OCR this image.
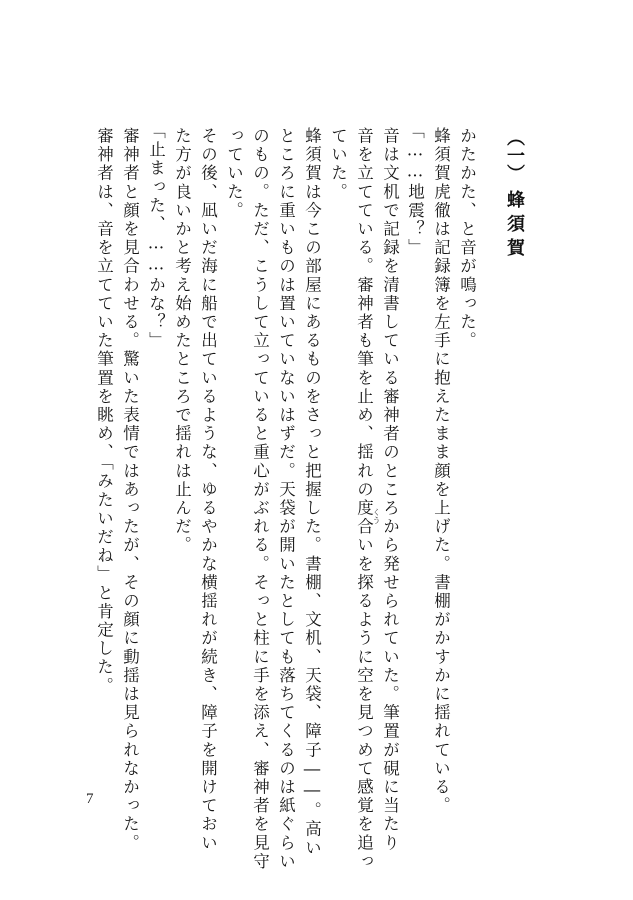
（一）
蜂須賀
かたかた、と音が鳴った。
蜂須賀虎徹は記録簿を左手に抱えたまま顔を上げた。書棚がかすかに揺れている。
「……地震？」
音は文机で記録を清書している審神者のところから発せられていた。筆置が硯に当たり
音を立てている。審神者も筆を止め、揺れの度合いを探るように空を見つめて感覚を追っ
ていた。
蜂須賀は今この部屋にあるものをさっと把握した。書棚、文机、天袋、障子――。高い
ところに重いものは置いていないはずだ。天袋が開いたとしても落ちてくるのは紙ぐらい
のもの。ただ、こうして立っていると重心がぶれる。そっと柱に手を添え、審神者を見守
っていた。
その後、凪いだ海に船で出ているような、ゆるやかな横揺れが続き、障子を開けておい
た方が良いかと考え始めたところで揺れは止んだ。
「止まった、……かな？」
審神者と顔を見合わせる。驚いた表情ではあったが、その顔に動揺は見られなかった。
審神者は、音を立てていた筆置を眺め、「みたいだね」と肯定した。	くう
7
